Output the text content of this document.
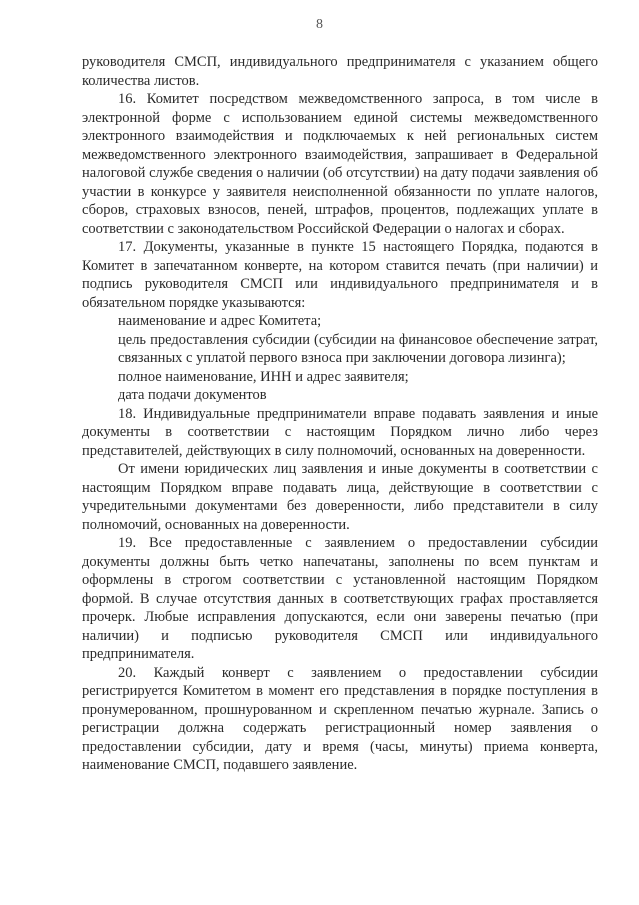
8

руководителя СМСП, индивидуального предпринимателя с указанием общего количества листов.

16. Комитет посредством межведомственного запроса, в том числе в электронной форме с использованием единой системы межведомственного электронного взаимодействия и подключаемых к ней региональных систем межведомственного электронного взаимодействия, запрашивает в Федеральной налоговой службе сведения о наличии (об отсутствии) на дату подачи заявления об участии в конкурсе у заявителя неисполненной обязанности по уплате налогов, сборов, страховых взносов, пеней, штрафов, процентов, подлежащих уплате в соответствии с законодательством Российской Федерации о налогах и сборах.

17. Документы, указанные в пункте 15 настоящего Порядка, подаются в Комитет в запечатанном конверте, на котором ставится печать (при наличии) и подпись руководителя СМСП или индивидуального предпринимателя и в обязательном порядке указываются:

наименование и адрес Комитета;

цель предоставления субсидии (субсидии на финансовое обеспечение затрат, связанных с уплатой первого взноса при заключении договора лизинга);

полное наименование, ИНН и адрес заявителя;

дата подачи документов

18. Индивидуальные предприниматели вправе подавать заявления и иные документы в соответствии с настоящим Порядком лично либо через представителей, действующих в силу полномочий, основанных на доверенности.

От имени юридических лиц заявления и иные документы в соответствии с настоящим Порядком вправе подавать лица, действующие в соответствии с учредительными документами без доверенности, либо представители в силу полномочий, основанных на доверенности.

19. Все предоставленные с заявлением о предоставлении субсидии документы должны быть четко напечатаны, заполнены по всем пунктам и оформлены в строгом соответствии с установленной настоящим Порядком формой. В случае отсутствия данных в соответствующих графах проставляется прочерк. Любые исправления допускаются, если они заверены печатью (при наличии) и подписью руководителя СМСП или индивидуального предпринимателя.

20. Каждый конверт с заявлением о предоставлении субсидии регистрируется Комитетом в момент его представления в порядке поступления в пронумерованном, прошнурованном и скрепленном печатью журнале. Запись о регистрации должна содержать регистрационный номер заявления о предоставлении субсидии, дату и время (часы, минуты) приема конверта, наименование СМСП, подавшего заявление.
